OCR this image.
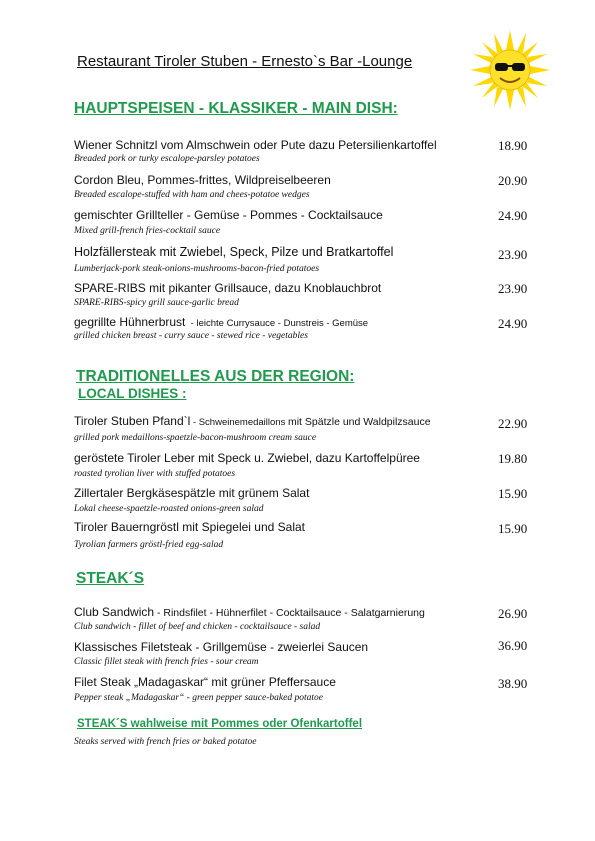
Restaurant Tiroler Stuben - Ernesto`s Bar -Lounge
HAUPTSPEISEN - KLASSIKER - MAIN DISH:
Wiener Schnitzl vom Almschwein oder Pute dazu Petersilienkartoffel
Breaded pork or turky escalope-parsley potatoes
18.90
Cordon Bleu, Pommes-frittes, Wildpreiselbeeren
Breaded escalope-stuffed with ham and chees-potatoe wedges
20.90
gemischter Grillteller - Gemüse - Pommes - Cocktailsauce
Mixed grill-french fries-cocktail sauce
24.90
Holzfällersteak mit Zwiebel, Speck, Pilze und Bratkartoffel
Lumberjack-pork steak-onions-mushrooms-bacon-fried potatoes
23.90
SPARE-RIBS mit pikanter Grillsauce, dazu Knoblauchbrot
SPARE-RIBS-spicy grill sauce-garlic bread
23.90
gegrillte Hühnerbrust  - leichte Currysauce - Dunstreis - Gemüse
grilled chicken breast - curry sauce - stewed rice - vegetables
24.90
TRADITIONELLES AUS DER REGION:
LOCAL DISHES :
Tiroler Stuben Pfand`l - Schweinemedaillons mit Spätzle und Waldpilzsauce
grilled pork medaillons-spaetzle-bacon-mushroom cream sauce
22.90
geröstete Tiroler Leber mit Speck u. Zwiebel, dazu Kartoffelpüree
roasted tyrolian liver with stuffed potatoes
19.80
Zillertaler Bergkäsespätzle mit grünem Salat
Lokal cheese-spaetzle-roasted onions-green salad
15.90
Tiroler Bauerngröstl mit Spiegelei und Salat
Tyrolian farmers gröstl-fried egg-salad
15.90
STEAK´S
Club Sandwich - Rindsfilet - Hühnerfilet - Cocktailsauce - Salatgarnierung
Club sandwich - fillet of beef and chicken - cocktailsauce - salad
26.90
Klassisches Filetsteak - Grillgemüse - zweierlei Saucen
Classic fillet steak with french fries - sour cream
36.90
Filet Steak „Madagaskar“ mit grüner Pfeffersauce
Pepper steak „Madagaskar“ - green pepper sauce-baked potatoe
38.90
STEAK´S wahlweise mit Pommes oder Ofenkartoffel
Steaks served with french fries or baked potatoe
